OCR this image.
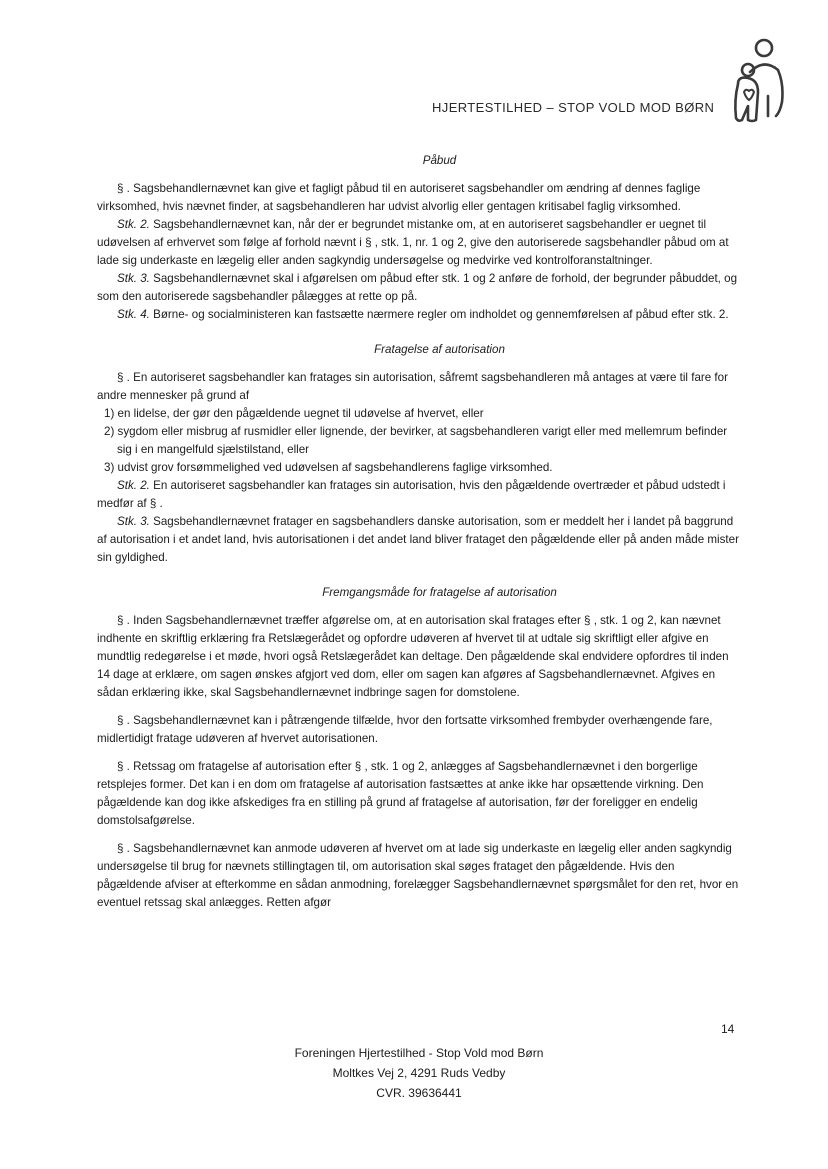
HJERTESTILHED – STOP VOLD MOD BØRN

Påbud

§ . Sagsbehandlernævnet kan give et fagligt påbud til en autoriseret sagsbehandler om ændring af dennes faglige virksomhed, hvis nævnet finder, at sagsbehandleren har udvist alvorlig eller gentagen kritisabel faglig virksomhed.

Stk. 2. Sagsbehandlernævnet kan, når der er begrundet mistanke om, at en autoriseret sagsbehandler er uegnet til udøvelsen af erhvervet som følge af forhold nævnt i § , stk. 1, nr. 1 og 2, give den autoriserede sagsbehandler påbud om at lade sig underkaste en lægelig eller anden sagkyndig undersøgelse og medvirke ved kontrolforanstaltninger.

Stk. 3. Sagsbehandlernævnet skal i afgørelsen om påbud efter stk. 1 og 2 anføre de forhold, der begrunder påbuddet, og som den autoriserede sagsbehandler pålægges at rette op på.

Stk. 4. Børne- og socialministeren kan fastsætte nærmere regler om indholdet og gennemførelsen af påbud efter stk. 2.

Fratagelse af autorisation

§ . En autoriseret sagsbehandler kan fratages sin autorisation, såfremt sagsbehandleren må antages at være til fare for andre mennesker på grund af

1) en lidelse, der gør den pågældende uegnet til udøvelse af hvervet, eller

2) sygdom eller misbrug af rusmidler eller lignende, der bevirker, at sagsbehandleren varigt eller med mellemrum befinder sig i en mangelfuld sjælstilstand, eller

3) udvist grov forsømmelighed ved udøvelsen af sagsbehandlerens faglige virksomhed.

Stk. 2. En autoriseret sagsbehandler kan fratages sin autorisation, hvis den pågældende overtræder et påbud udstedt i medfør af § .

Stk. 3. Sagsbehandlernævnet fratager en sagsbehandlers danske autorisation, som er meddelt her i landet på baggrund af autorisation i et andet land, hvis autorisationen i det andet land bliver frataget den pågældende eller på anden måde mister sin gyldighed.

Fremgangsmåde for fratagelse af autorisation

§ . Inden Sagsbehandlernævnet træffer afgørelse om, at en autorisation skal fratages efter § , stk. 1 og 2, kan nævnet indhente en skriftlig erklæring fra Retslægerådet og opfordre udøveren af hvervet til at udtale sig skriftligt eller afgive en mundtlig redegørelse i et møde, hvori også Retslægerådet kan deltage. Den pågældende skal endvidere opfordres til inden 14 dage at erklære, om sagen ønskes afgjort ved dom, eller om sagen kan afgøres af Sagsbehandlernævnet. Afgives en sådan erklæring ikke, skal Sagsbehandlernævnet indbringe sagen for domstolene.

§ . Sagsbehandlernævnet kan i påtrængende tilfælde, hvor den fortsatte virksomhed frembyder overhængende fare, midlertidigt fratage udøveren af hvervet autorisationen.

§ . Retssag om fratagelse af autorisation efter § , stk. 1 og 2, anlægges af Sagsbehandlernævnet i den borgerlige retsplejes former. Det kan i en dom om fratagelse af autorisation fastsættes at anke ikke har opsættende virkning. Den pågældende kan dog ikke afskediges fra en stilling på grund af fratagelse af autorisation, før der foreligger en endelig domstolsafgørelse.

§ . Sagsbehandlernævnet kan anmode udøveren af hvervet om at lade sig underkaste en lægelig eller anden sagkyndig undersøgelse til brug for nævnets stillingtagen til, om autorisation skal søges frataget den pågældende. Hvis den pågældende afviser at efterkomme en sådan anmodning, forelægger Sagsbehandlernævnet spørgsmålet for den ret, hvor en eventuel retssag skal anlægges. Retten afgør

14
Foreningen Hjertestilhed - Stop Vold mod Børn
Moltkes Vej 2, 4291 Ruds Vedby
CVR. 39636441
